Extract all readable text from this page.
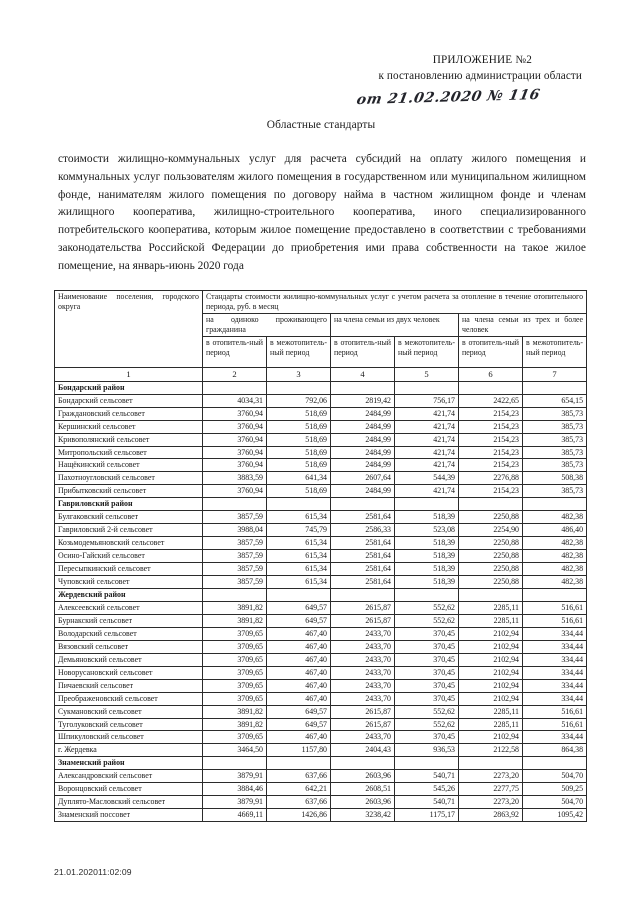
ПРИЛОЖЕНИЕ №2
к постановлению администрации области
от 21.02.2020 № 116
Областные стандарты
стоимости жилищно-коммунальных услуг для расчета субсидий на оплату жилого помещения и коммунальных услуг пользователям жилого помещения в государственном или муниципальном жилищном фонде, нанимателям жилого помещения по договору найма в частном жилищном фонде и членам жилищного кооператива, жилищно-строительного кооператива, иного специализированного потребительского кооператива, которым жилое помещение предоставлено в соответствии с требованиями законодательства Российской Федерации до приобретения ими права собственности на такое жилое помещение, на январь-июнь 2020 года
Наименование поселения, городского округа	Стандарты стоимости жилищно-коммунальных услуг с учетом расчета за отопление в течение отопительного периода, руб. в месяц					
	на одиноко проживающего гражданина		на члена семьи из двух человек		на члена семьи из трех и более человек	
	в отопитель-ный период	в межотопитель-ный период	в отопитель-ный период	в межотопитель-ный период	в отопитель-ный период	в межотопитель-ный период
1	2	3	4	5	6	7
Бондарский район						
Бондарский сельсовет	4034,31	792,06	2819,42	756,17	2422,65	654,15
Граждановский сельсовет	3760,94	518,69	2484,99	421,74	2154,23	385,73
Кершинский сельсовет	3760,94	518,69	2484,99	421,74	2154,23	385,73
Кривополянский сельсовет	3760,94	518,69	2484,99	421,74	2154,23	385,73
Митропольский сельсовет	3760,94	518,69	2484,99	421,74	2154,23	385,73
Нащёкинский сельсовет	3760,94	518,69	2484,99	421,74	2154,23	385,73
Пахотноугловский сельсовет	3883,59	641,34	2607,64	544,39	2276,88	508,38
Прибытковский сельсовет	3760,94	518,69	2484,99	421,74	2154,23	385,73
Гавриловский район						
Булгаковский сельсовет	3857,59	615,34	2581,64	518,39	2250,88	482,38
Гавриловский 2-й сельсовет	3988,04	745,79	2586,33	523,08	2254,90	486,40
Козьмодемьяновский сельсовет	3857,59	615,34	2581,64	518,39	2250,88	482,38
Осино-Гайский сельсовет	3857,59	615,34	2581,64	518,39	2250,88	482,38
Пересыпкинский сельсовет	3857,59	615,34	2581,64	518,39	2250,88	482,38
Чуповский сельсовет	3857,59	615,34	2581,64	518,39	2250,88	482,38
Жердевский район						
Алексеевский сельсовет	3891,82	649,57	2615,87	552,62	2285,11	516,61
Бурнакский сельсовет	3891,82	649,57	2615,87	552,62	2285,11	516,61
Володарский сельсовет	3709,65	467,40	2433,70	370,45	2102,94	334,44
Вязовский сельсовет	3709,65	467,40	2433,70	370,45	2102,94	334,44
Демьяновский сельсовет	3709,65	467,40	2433,70	370,45	2102,94	334,44
Новорусановский сельсовет	3709,65	467,40	2433,70	370,45	2102,94	334,44
Пичаевский сельсовет	3709,65	467,40	2433,70	370,45	2102,94	334,44
Преображеновский сельсовет	3709,65	467,40	2433,70	370,45	2102,94	334,44
Сукмановский сельсовет	3891,82	649,57	2615,87	552,62	2285,11	516,61
Туголуковский сельсовет	3891,82	649,57	2615,87	552,62	2285,11	516,61
Шпикуловский сельсовет	3709,65	467,40	2433,70	370,45	2102,94	334,44
г. Жердевка	3464,50	1157,80	2404,43	936,53	2122,58	864,38
Знаменский район						
Александровский сельсовет	3879,91	637,66	2603,96	540,71	2273,20	504,70
Воронцовский сельсовет	3884,46	642,21	2608,51	545,26	2277,75	509,25
Дуплято-Масловский сельсовет	3879,91	637,66	2603,96	540,71	2273,20	504,70
Знаменский поссовет	4669,11	1426,86	3238,42	1175,17	2863,92	1095,42
21.01.202011:02:09
